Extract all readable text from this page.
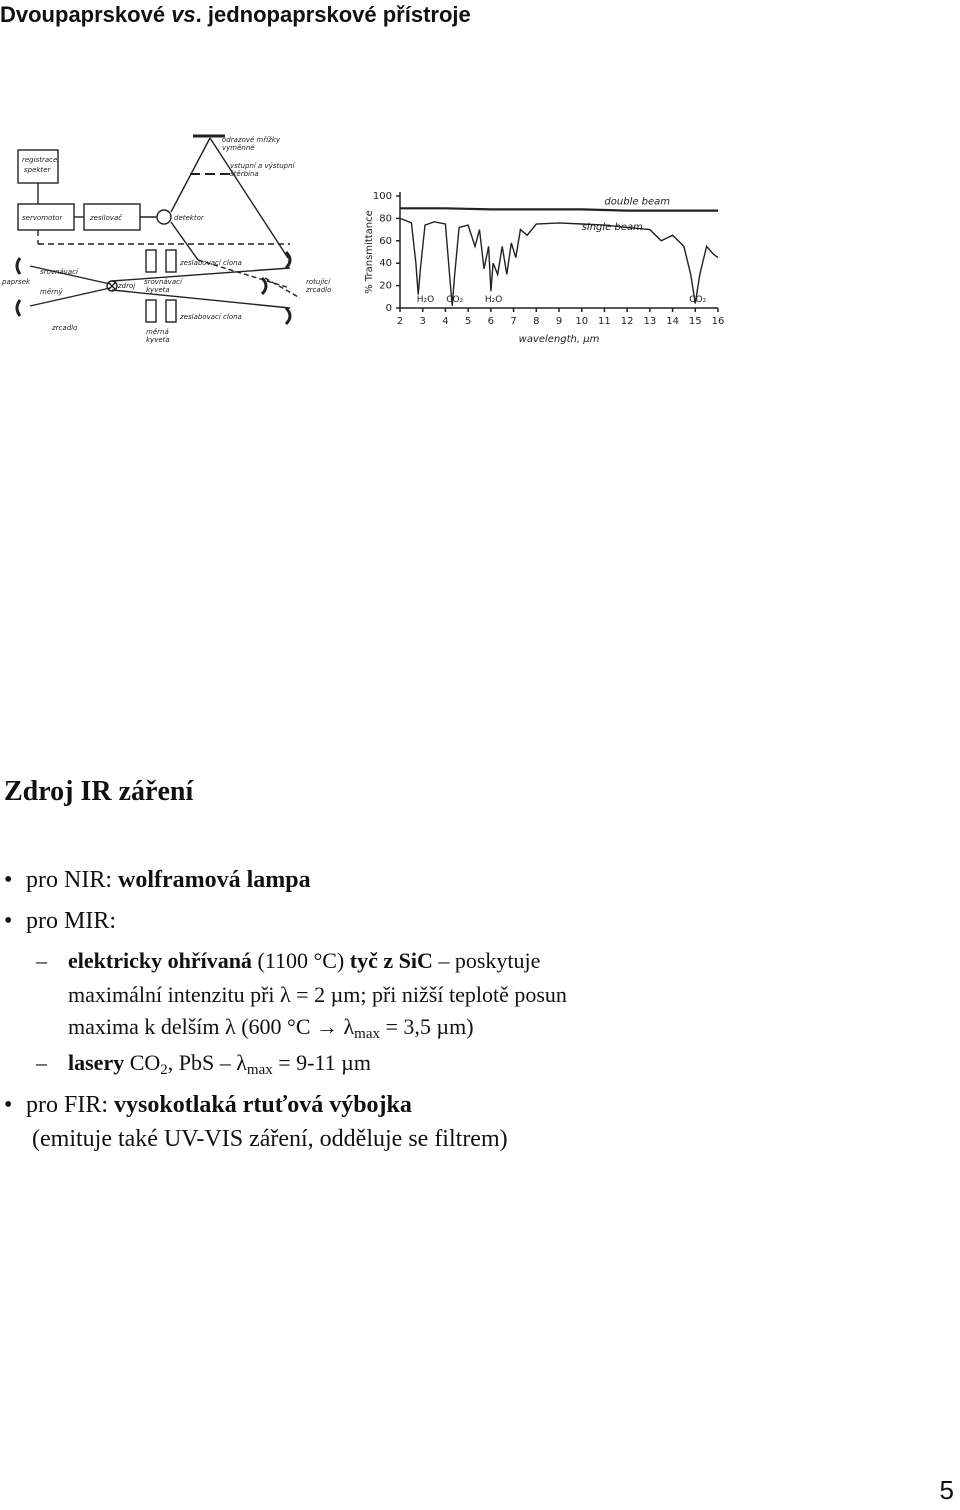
Dvoupaprskové vs. jednopaprskové přístroje
odrazové mřížky
vyměnné
vstupní a výstupní
štěrbina
registrace
spekter
servomotor	zesilovač	detektor
zeslabovací clona
srovnávací
kyveta
zeslabovací clona
rotující
zrcadlo
paprsek
srovnávací
měrný
zdroj
zrcadlo	měrná
kyveta
0
20
40
60
80
100
2 3 4 5 6 7 8 9 10 11 12 13 14 15 16
wavelength, µm
% Transmittance
double beam
single beam
H₂O CO₂ H₂O	CO₂
Zdroj IR záření
• pro NIR: wolframová lampa
• pro MIR:
– elektricky ohřívaná (1100 °C) tyč z SiC – poskytuje
maximální intenzitu při λ = 2 µm; při nižší teplotě posun
maxima k delším λ (600 $^\circ C \to \lambda_{max} = 3,5$ µm)
– lasery $CO_2$, PbS – $\lambda_{max} = 9-11$ µm
• pro FIR: vysokotlaká rtuťová výbojka
(emituje také UV-VIS záření, odděluje se filtrem)
5
